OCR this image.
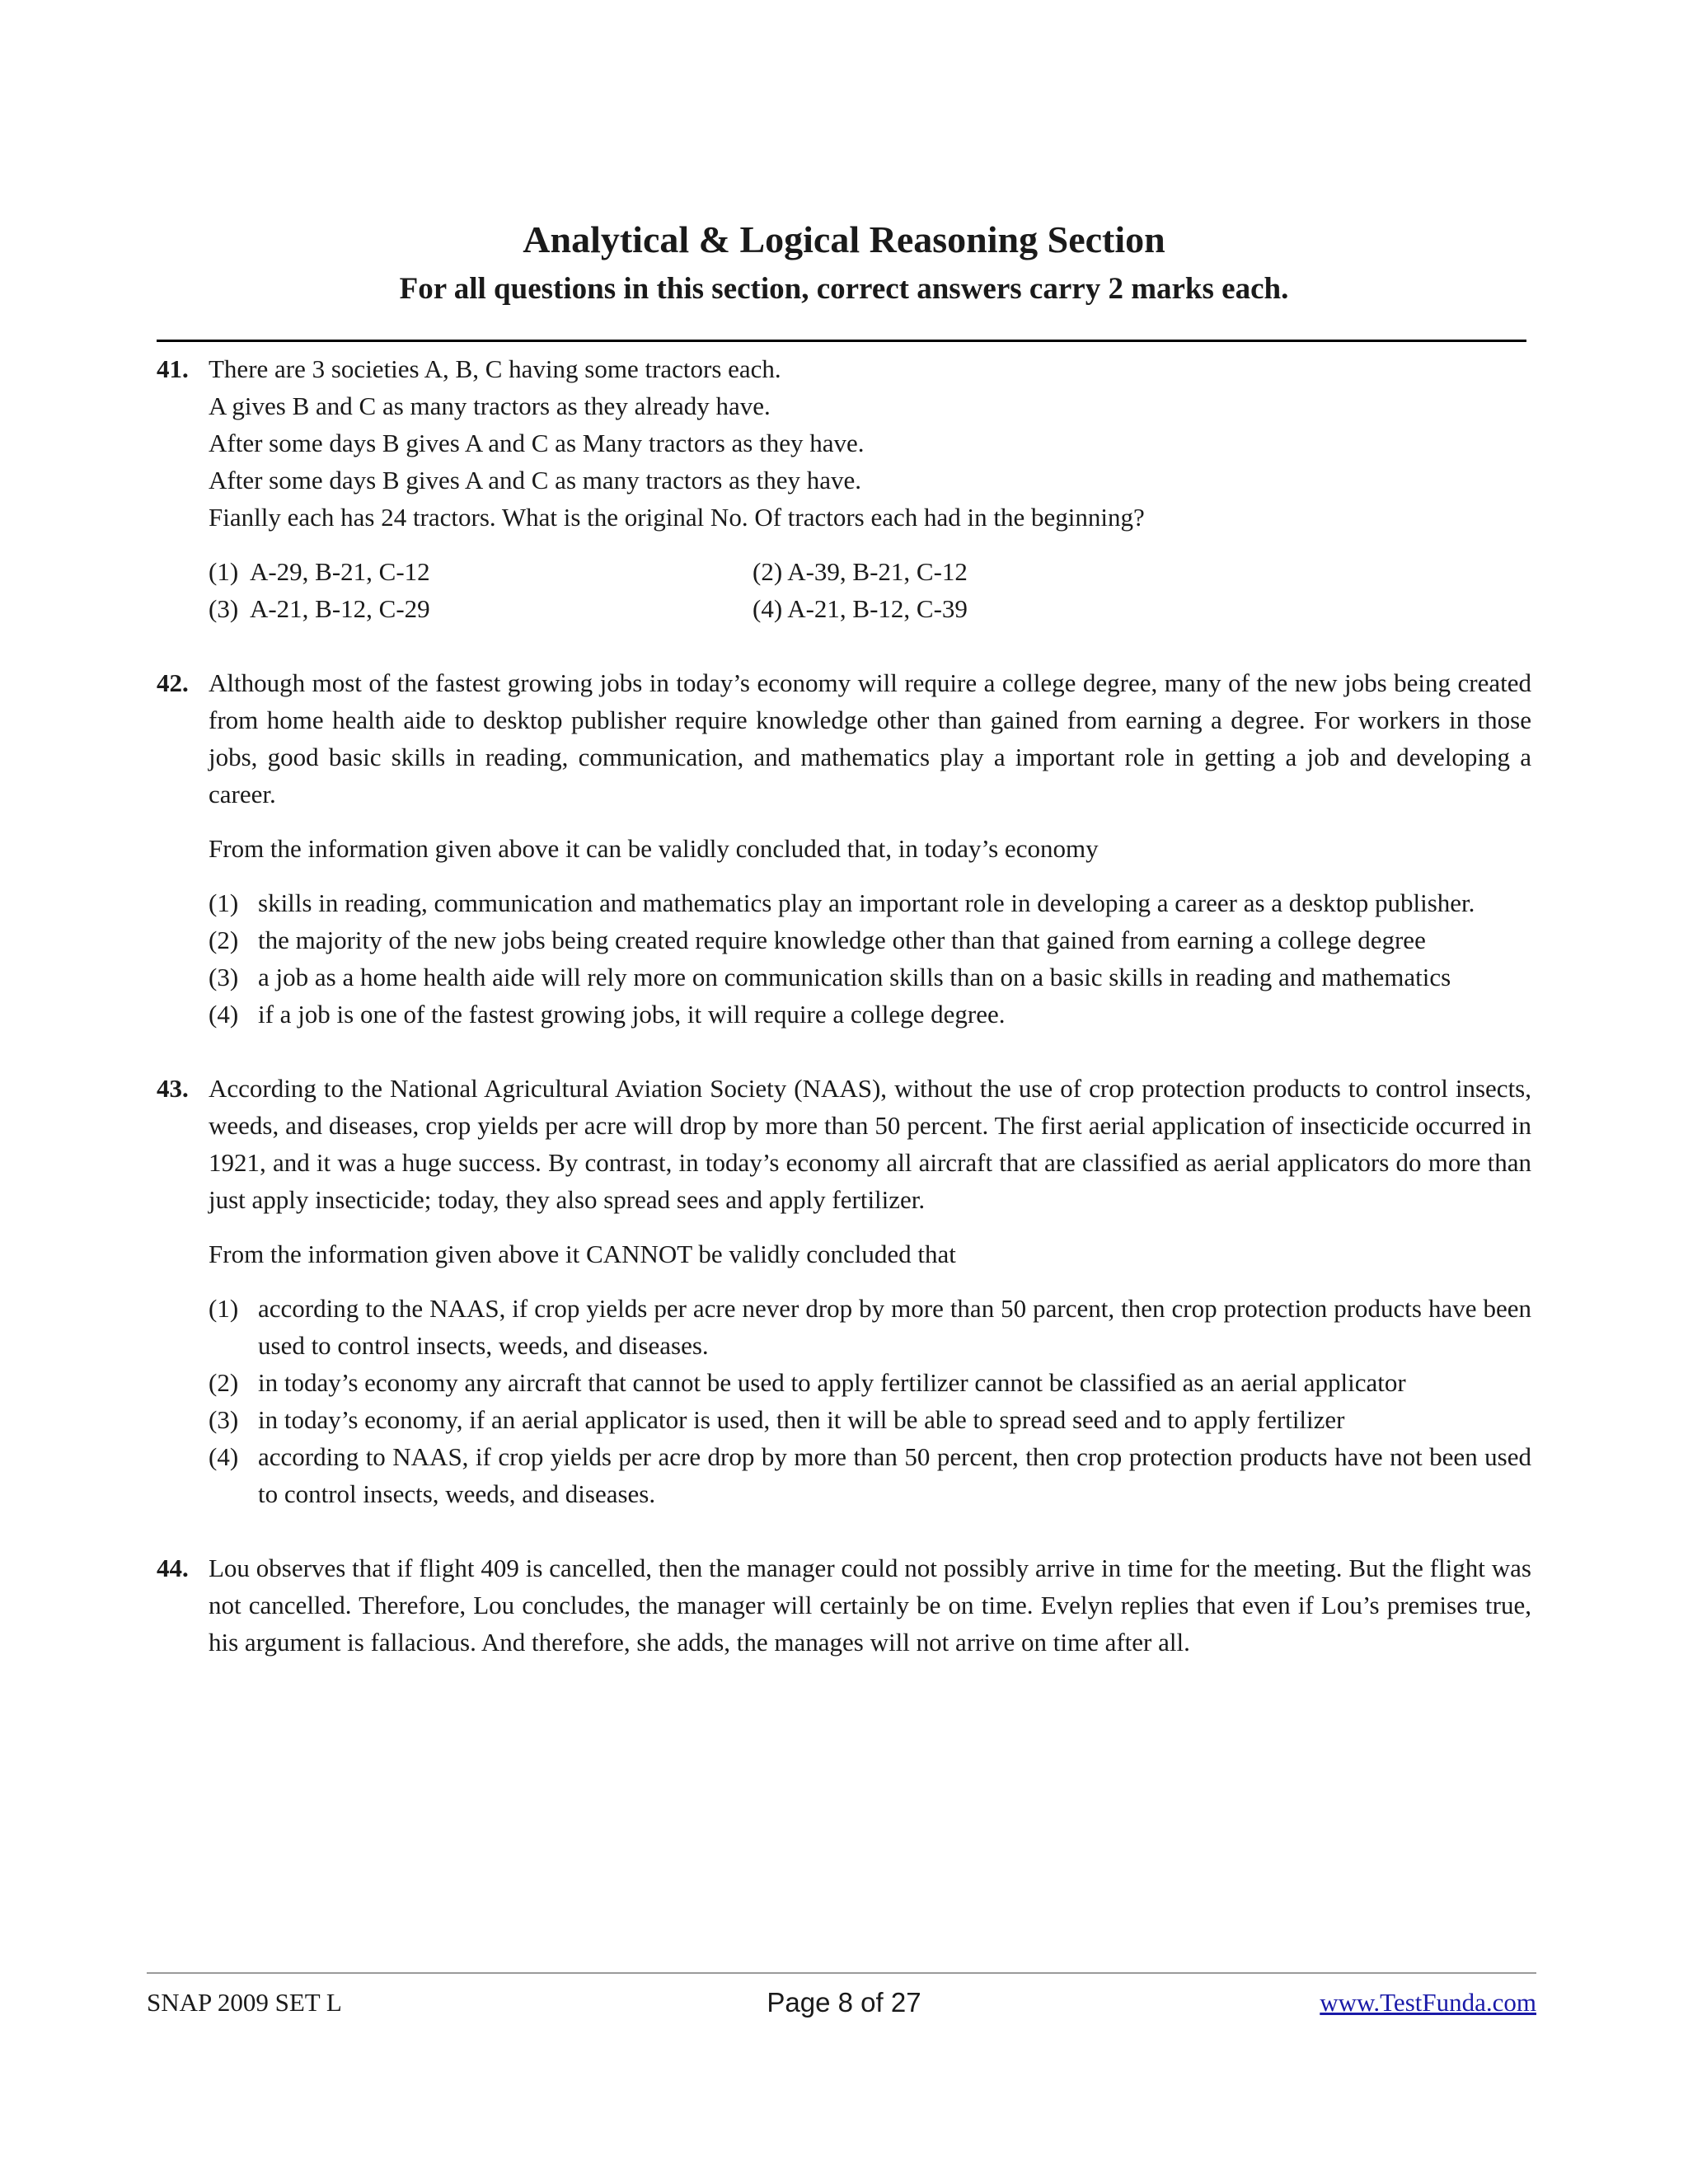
Analytical & Logical Reasoning Section
For all questions in this section, correct answers carry 2 marks each.
41. There are 3 societies A, B, C having some tractors each.
A gives B and C as many tractors as they already have.
After some days B gives A and C as Many tractors as they have.
After some days B gives A and C as many tractors as they have.
Fianlly each has 24 tractors. What is the original No. Of tractors each had in the beginning?
(1) A-29, B-21, C-12	(2) A-39, B-21, C-12
(3) A-21, B-12, C-29	(4) A-21, B-12, C-39
42. Although most of the fastest growing jobs in today’s economy will require a college degree, many of the new jobs being created from home health aide to desktop publisher require knowledge other than gained from earning a degree. For workers in those jobs, good basic skills in reading, communication, and mathematics play a important role in getting a job and developing a career.
From the information given above it can be validly concluded that, in today’s economy
(1) skills in reading, communication and mathematics play an important role in developing a career as a desktop publisher.
(2) the majority of the new jobs being created require knowledge other than that gained from earning a college degree
(3) a job as a home health aide will rely more on communication skills than on a basic skills in reading and mathematics
(4) if a job is one of the fastest growing jobs, it will require a college degree.
43. According to the National Agricultural Aviation Society (NAAS), without the use of crop protection products to control insects, weeds, and diseases, crop yields per acre will drop by more than 50 percent. The first aerial application of insecticide occurred in 1921, and it was a huge success. By contrast, in today’s economy all aircraft that are classified as aerial applicators do more than just apply insecticide; today, they also spread sees and apply fertilizer.
From the information given above it CANNOT be validly concluded that
(1) according to the NAAS, if crop yields per acre never drop by more than 50 parcent, then crop protection products have been used to control insects, weeds, and diseases.
(2) in today’s economy any aircraft that cannot be used to apply fertilizer cannot be classified as an aerial applicator
(3) in today’s economy, if an aerial applicator is used, then it will be able to spread seed and to apply fertilizer
(4) according to NAAS, if crop yields per acre drop by more than 50 percent, then crop protection products have not been used to control insects, weeds, and diseases.
44. Lou observes that if flight 409 is cancelled, then the manager could not possibly arrive in time for the meeting. But the flight was not cancelled. Therefore, Lou concludes, the manager will certainly be on time. Evelyn replies that even if Lou’s premises true, his argument is fallacious. And therefore, she adds, the manages will not arrive on time after all.
SNAP 2009 SET L	Page 8 of 27	www.TestFunda.com
